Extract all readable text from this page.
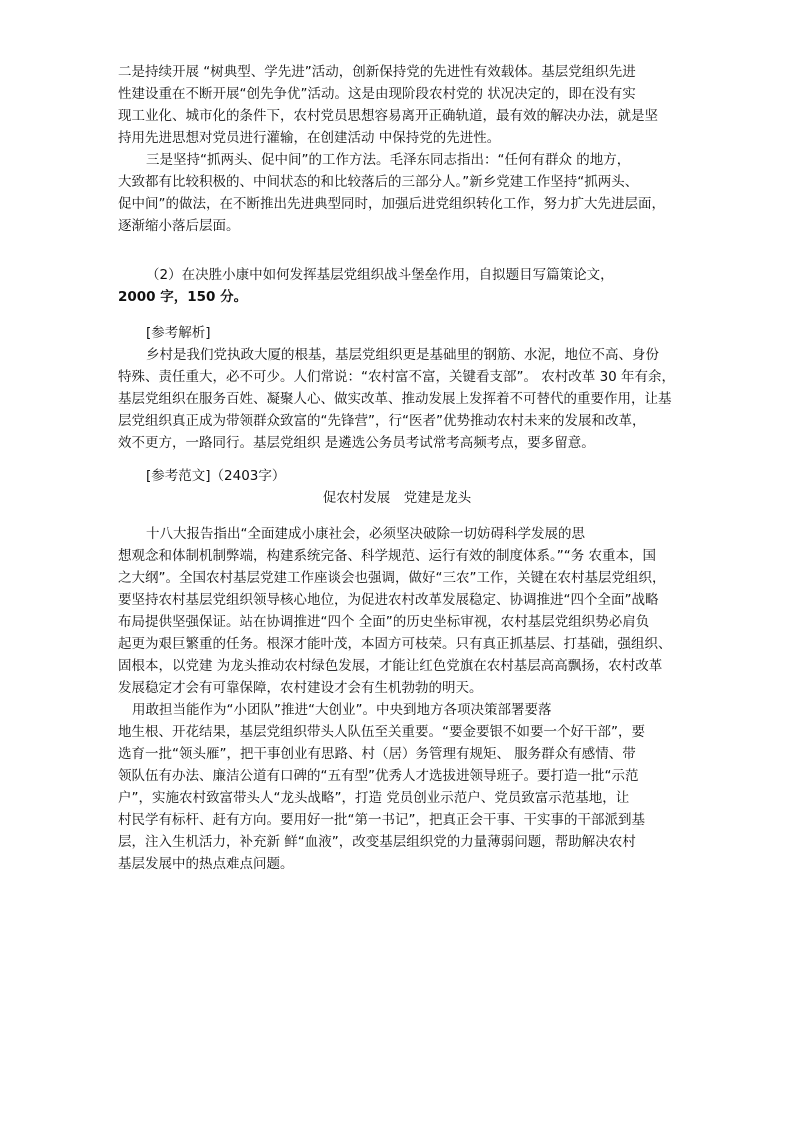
二是持续开展 “树典型、学先进”活动，创新保持党的先进性有效载体。基层党组织先进
性建设重在不断开展“创先争优”活动。这是由现阶段农村党的 状况决定的，即在没有实
现工业化、城市化的条件下，农村党员思想容易离开正确轨道，最有效的解决办法，就是坚
持用先进思想对党员进行灌输，在创建活动 中保持党的先进性。
三是坚持“抓两头、促中间”的工作方法。毛泽东同志指出：“任何有群众 的地方，
大致都有比较积极的、中间状态的和比较落后的三部分人。”新乡党建工作坚持“抓两头、
促中间”的做法，在不断推出先进典型同时，加强后进党组织转化工作，努力扩大先进层面，
逐渐缩小落后层面。
（2）在决胜小康中如何发挥基层党组织战斗堡垒作用，自拟题目写篇策论文，
2000 字，150 分。
[参考解析]
乡村是我们党执政大厦的根基，基层党组织更是基础里的钢筋、水泥，地位不高、身份
特殊、责任重大，必不可少。人们常说：“农村富不富，关键看支部”。 农村改革 30 年有余，
基层党组织在服务百姓、凝聚人心、做实改革、推动发展上发挥着不可替代的重要作用，让基
层党组织真正成为带领群众致富的“先锋营”，行“医者”优势推动农村未来的发展和改革，
效不更方，一路同行。基层党组织 是遴选公务员考试常考高频考点，要多留意。
[参考范文]（2403字）
促农村发展　党建是龙头
十八大报告指出“全面建成小康社会，必须坚决破除一切妨碍科学发展的思
想观念和体制机制弊端，构建系统完备、科学规范、运行有效的制度体系。”“务 农重本，国
之大纲”。全国农村基层党建工作座谈会也强调，做好“三农”工作，关键在农村基层党组织，
要坚持农村基层党组织领导核心地位，为促进农村改革发展稳定、协调推进“四个全面”战略
布局提供坚强保证。站在协调推进“四个 全面”的历史坐标审视，农村基层党组织势必肩负
起更为艰巨繁重的任务。根深才能叶茂，本固方可枝荣。只有真正抓基层、打基础，强组织、
固根本，以党建 为龙头推动农村绿色发展，才能让红色党旗在农村基层高高飘扬，农村改革
发展稳定才会有可靠保障，农村建设才会有生机勃勃的明天。
用敢担当能作为“小团队”推进“大创业”。中央到地方各项决策部署要落
地生根、开花结果，基层党组织带头人队伍至关重要。“要金要银不如要一个好干部”，要
选育一批“领头雁”，把干事创业有思路、村（居）务管理有规矩、 服务群众有感情、带
领队伍有办法、廉洁公道有口碑的“五有型”优秀人才选拔进领导班子。要打造一批“示范
户”，实施农村致富带头人“龙头战略”，打造 党员创业示范户、党员致富示范基地，让
村民学有标杆、赶有方向。要用好一批“第一书记”，把真正会干事、干实事的干部派到基
层，注入生机活力，补充新 鲜“血液”，改变基层组织党的力量薄弱问题，帮助解决农村
基层发展中的热点难点问题。
